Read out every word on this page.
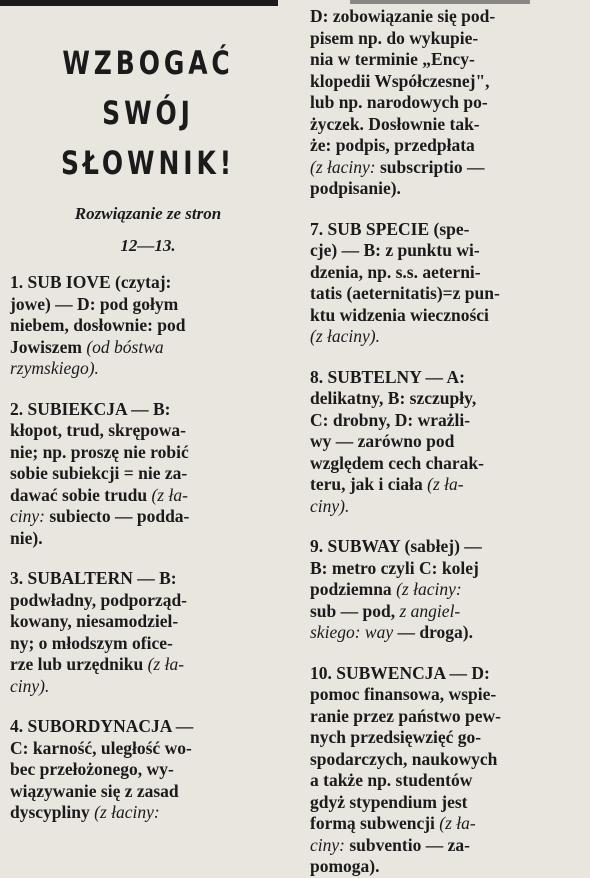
WZBOGAĆ SWÓJ
SŁOWNIK!

Rozwiązanie ze stron

12—13.

1. SUB IOVE (czytaj:

jowe) — D: pod gołym

niebem, dosłownie: pod

Jowiszem (od bóstwa

rzymskiego).

2. SUBIEKCJA — B:

kłopot, trud, skrępowa-

nie; np. proszę nie robić

sobie subiekcji = nie za-

dawać sobie trudu (z ła-

ciny: subiecto — podda-

nie).

3. SUBALTERN — B:

podwładny, podporząd-

kowany, niesamodziel-

ny; o młodszym ofice-

rze lub urzędniku (z ła-

ciny).

4. SUBORDYNACJA —

C: karność, uległość wo-

bec przełożonego, wy-

wiązywanie się z zasad

dyscypliny (z łaciny:

D: zobowiązanie się pod-

pisem np. do wykupie-

nia w terminie „Ency-

klopedii Współczesnej",

lub np. narodowych po-

życzek. Dosłownie tak-

że: podpis, przedpłata

(z łaciny: subscriptio —

podpisanie).

7. SUB SPECIE (spe-

cje) — B: z punktu wi-

dzenia, np. s.s. aeterni-

tatis (aeternitatis)=z pun-

ktu widzenia wieczności

(z łaciny).

8. SUBTELNY — A:

delikatny, B: szczupły,

C: drobny, D: wrażli-

wy — zarówno pod

względem cech charak-

teru, jak i ciała (z ła-

ciny).

9. SUBWAY (sabłej) —

B: metro czyli C: kolej

podziemna (z łaciny:

sub — pod, z angiel-

skiego: way — droga).

10. SUBWENCJA — D:

pomoc finansowa, wspie-

ranie przez państwo pew-

nych przedsięwzięć go-

spodarczych, naukowych

a także np. studentów

gdyż stypendium jest

formą subwencji (z ła-

ciny: subventio — za-

pomoga).
